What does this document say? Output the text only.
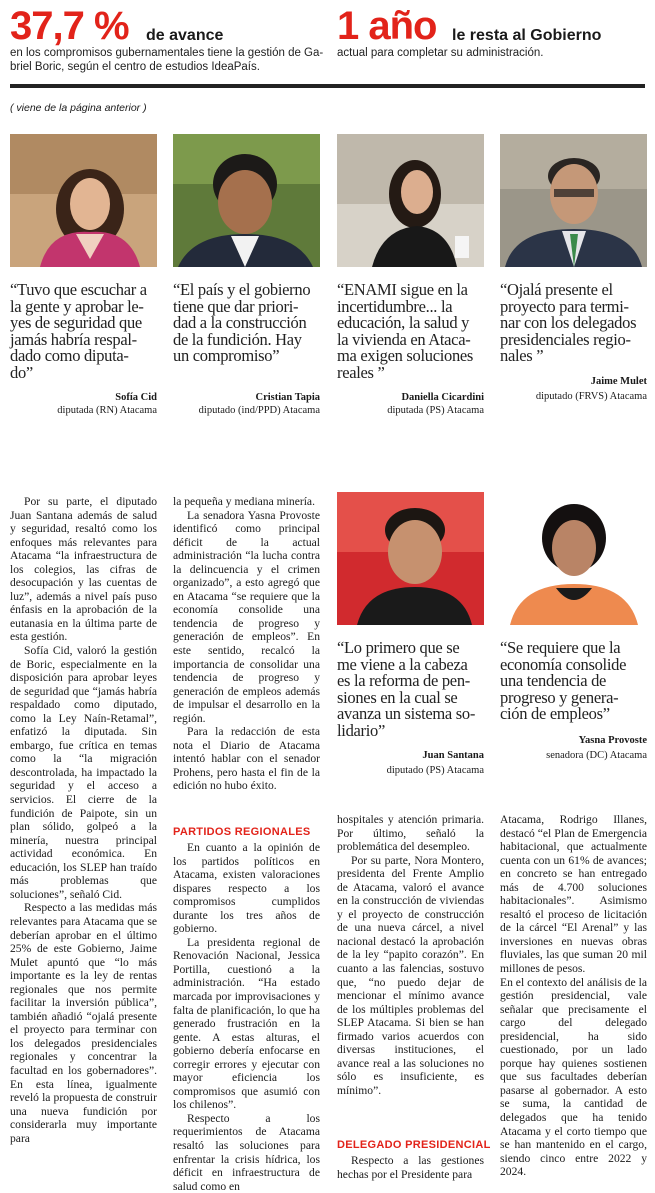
37,7 % de avance
en los compromisos gubernamentales tiene la gestión de Ga-
briel Boric, según el centro de estudios IdeaPaís.
1 año le resta al Gobierno
actual para completar su administración.
( viene de la página anterior )
“Tuvo que escuchar a
la gente y aprobar le-
yes de seguridad que
jamás habría respal-
dado como diputa-
do”
Sofía Cid
diputada (RN) Atacama
“El país y el gobierno
tiene que dar priori-
dad a la construcción
de la fundición. Hay
un compromiso”
Cristian Tapia
diputado (ind/PPD) Atacama
“ENAMI sigue en la
incertidumbre... la
educación, la salud y
la vivienda en Ataca-
ma exigen soluciones
reales ”
Daniella Cicardini
diputada (PS) Atacama
“Ojalá presente el
proyecto para termi-
nar con los delegados
presidenciales regio-
nales ”
Jaime Mulet
diputado (FRVS) Atacama
“Lo primero que se
me viene a la cabeza
es la reforma de pen-
siones en la cual se
avanza un sistema so-
lidario”
Juan Santana
diputado (PS) Atacama
“Se requiere que la
economía consolide
una tendencia de
progreso y genera-
ción de empleos”
Yasna Provoste
senadora (DC) Atacama

Por su parte, el diputado Juan Santana además de salud y seguridad, resaltó como los enfoques más relevantes para Atacama “la infraestructura de los colegios, las cifras de desocupación y las cuentas de luz”, además a nivel país puso énfasis en la aprobación de la eutanasia en la última parte de esta gestión.

Sofía Cid, valoró la gestión de Boric, especialmente en la disposición para aprobar leyes de seguridad que “jamás habría respaldado como diputado, como la Ley Naín-Retamal”, enfatizó la diputada. Sin embargo, fue crítica en temas como la “la migración descontrolada, ha impactado la seguridad y el acceso a servicios. El cierre de la fundición de Paipote, sin un plan sólido, golpeó a la minería, nuestra principal actividad económica. En educación, los SLEP han traído más problemas que soluciones”, señaló Cid.

Respecto a las medidas más relevantes para Atacama que se deberían aprobar en el último 25% de este Gobierno, Jaime Mulet apuntó que “lo más importante es la ley de rentas regionales que nos permite facilitar la inversión pública”, también añadió “ojalá presente el proyecto para terminar con los delegados presidenciales regionales y concentrar la facultad en los gobernadores”. En esta línea, igualmente reveló la propuesta de construir una nueva fundición por considerarla muy importante para

la pequeña y mediana minería.

La senadora Yasna Provoste identificó como principal déficit de la actual administración “la lucha contra la delincuencia y el crimen organizado”, a esto agregó que en Atacama “se requiere que la economía consolide una tendencia de progreso y generación de empleos”. En este sentido, recalcó la importancia de consolidar una tendencia de progreso y generación de empleos además de impulsar el desarrollo en la región.

Para la redacción de esta nota el Diario de Atacama intentó hablar con el senador Prohens, pero hasta el fin de la edición no hubo éxito.

PARTIDOS REGIONALES

En cuanto a la opinión de los partidos políticos en Atacama, existen valoraciones dispares respecto a los compromisos cumplidos durante los tres años de gobierno.

La presidenta regional de Renovación Nacional, Jessica Portilla, cuestionó a la administración. “Ha estado marcada por improvisaciones y falta de planificación, lo que ha generado frustración en la gente. A estas alturas, el gobierno debería enfocarse en corregir errores y ejecutar con mayor eficiencia los compromisos que asumió con los chilenos”.

Respecto a los requerimientos de Atacama resaltó las soluciones para enfrentar la crisis hídrica, los déficit en infraestructura de salud como en

hospitales y atención primaria. Por último, señaló la problemática del desempleo.

Por su parte, Nora Montero, presidenta del Frente Amplio de Atacama, valoró el avance en la construcción de viviendas y el proyecto de construcción de una nueva cárcel, a nivel nacional destacó la aprobación de la ley “papito corazón”. En cuanto a las falencias, sostuvo que, “no puedo dejar de mencionar el mínimo avance de los múltiples problemas del SLEP Atacama. Si bien se han firmado varios acuerdos con diversas instituciones, el avance real a las soluciones no sólo es insuficiente, es mínimo”.

DELEGADO PRESIDENCIAL

Respecto a las gestiones hechas por el Presidente para

Atacama, Rodrigo Illanes, destacó “el Plan de Emergencia habitacional, que actualmente cuenta con un 61% de avances; en concreto se han entregado más de 4.700 soluciones habitacionales”. Asimismo resaltó el proceso de licitación de la cárcel “El Arenal” y las inversiones en nuevas obras fluviales, las que suman 20 mil millones de pesos.

En el contexto del análisis de la gestión presidencial, vale señalar que precisamente el cargo del delegado presidencial, ha sido cuestionado, por un lado porque hay quienes sostienen que sus facultades deberían pasarse al gobernador. A esto se suma, la cantidad de delegados que ha tenido Atacama y el corto tiempo que se han mantenido en el cargo, siendo cinco entre 2022 y 2024.
